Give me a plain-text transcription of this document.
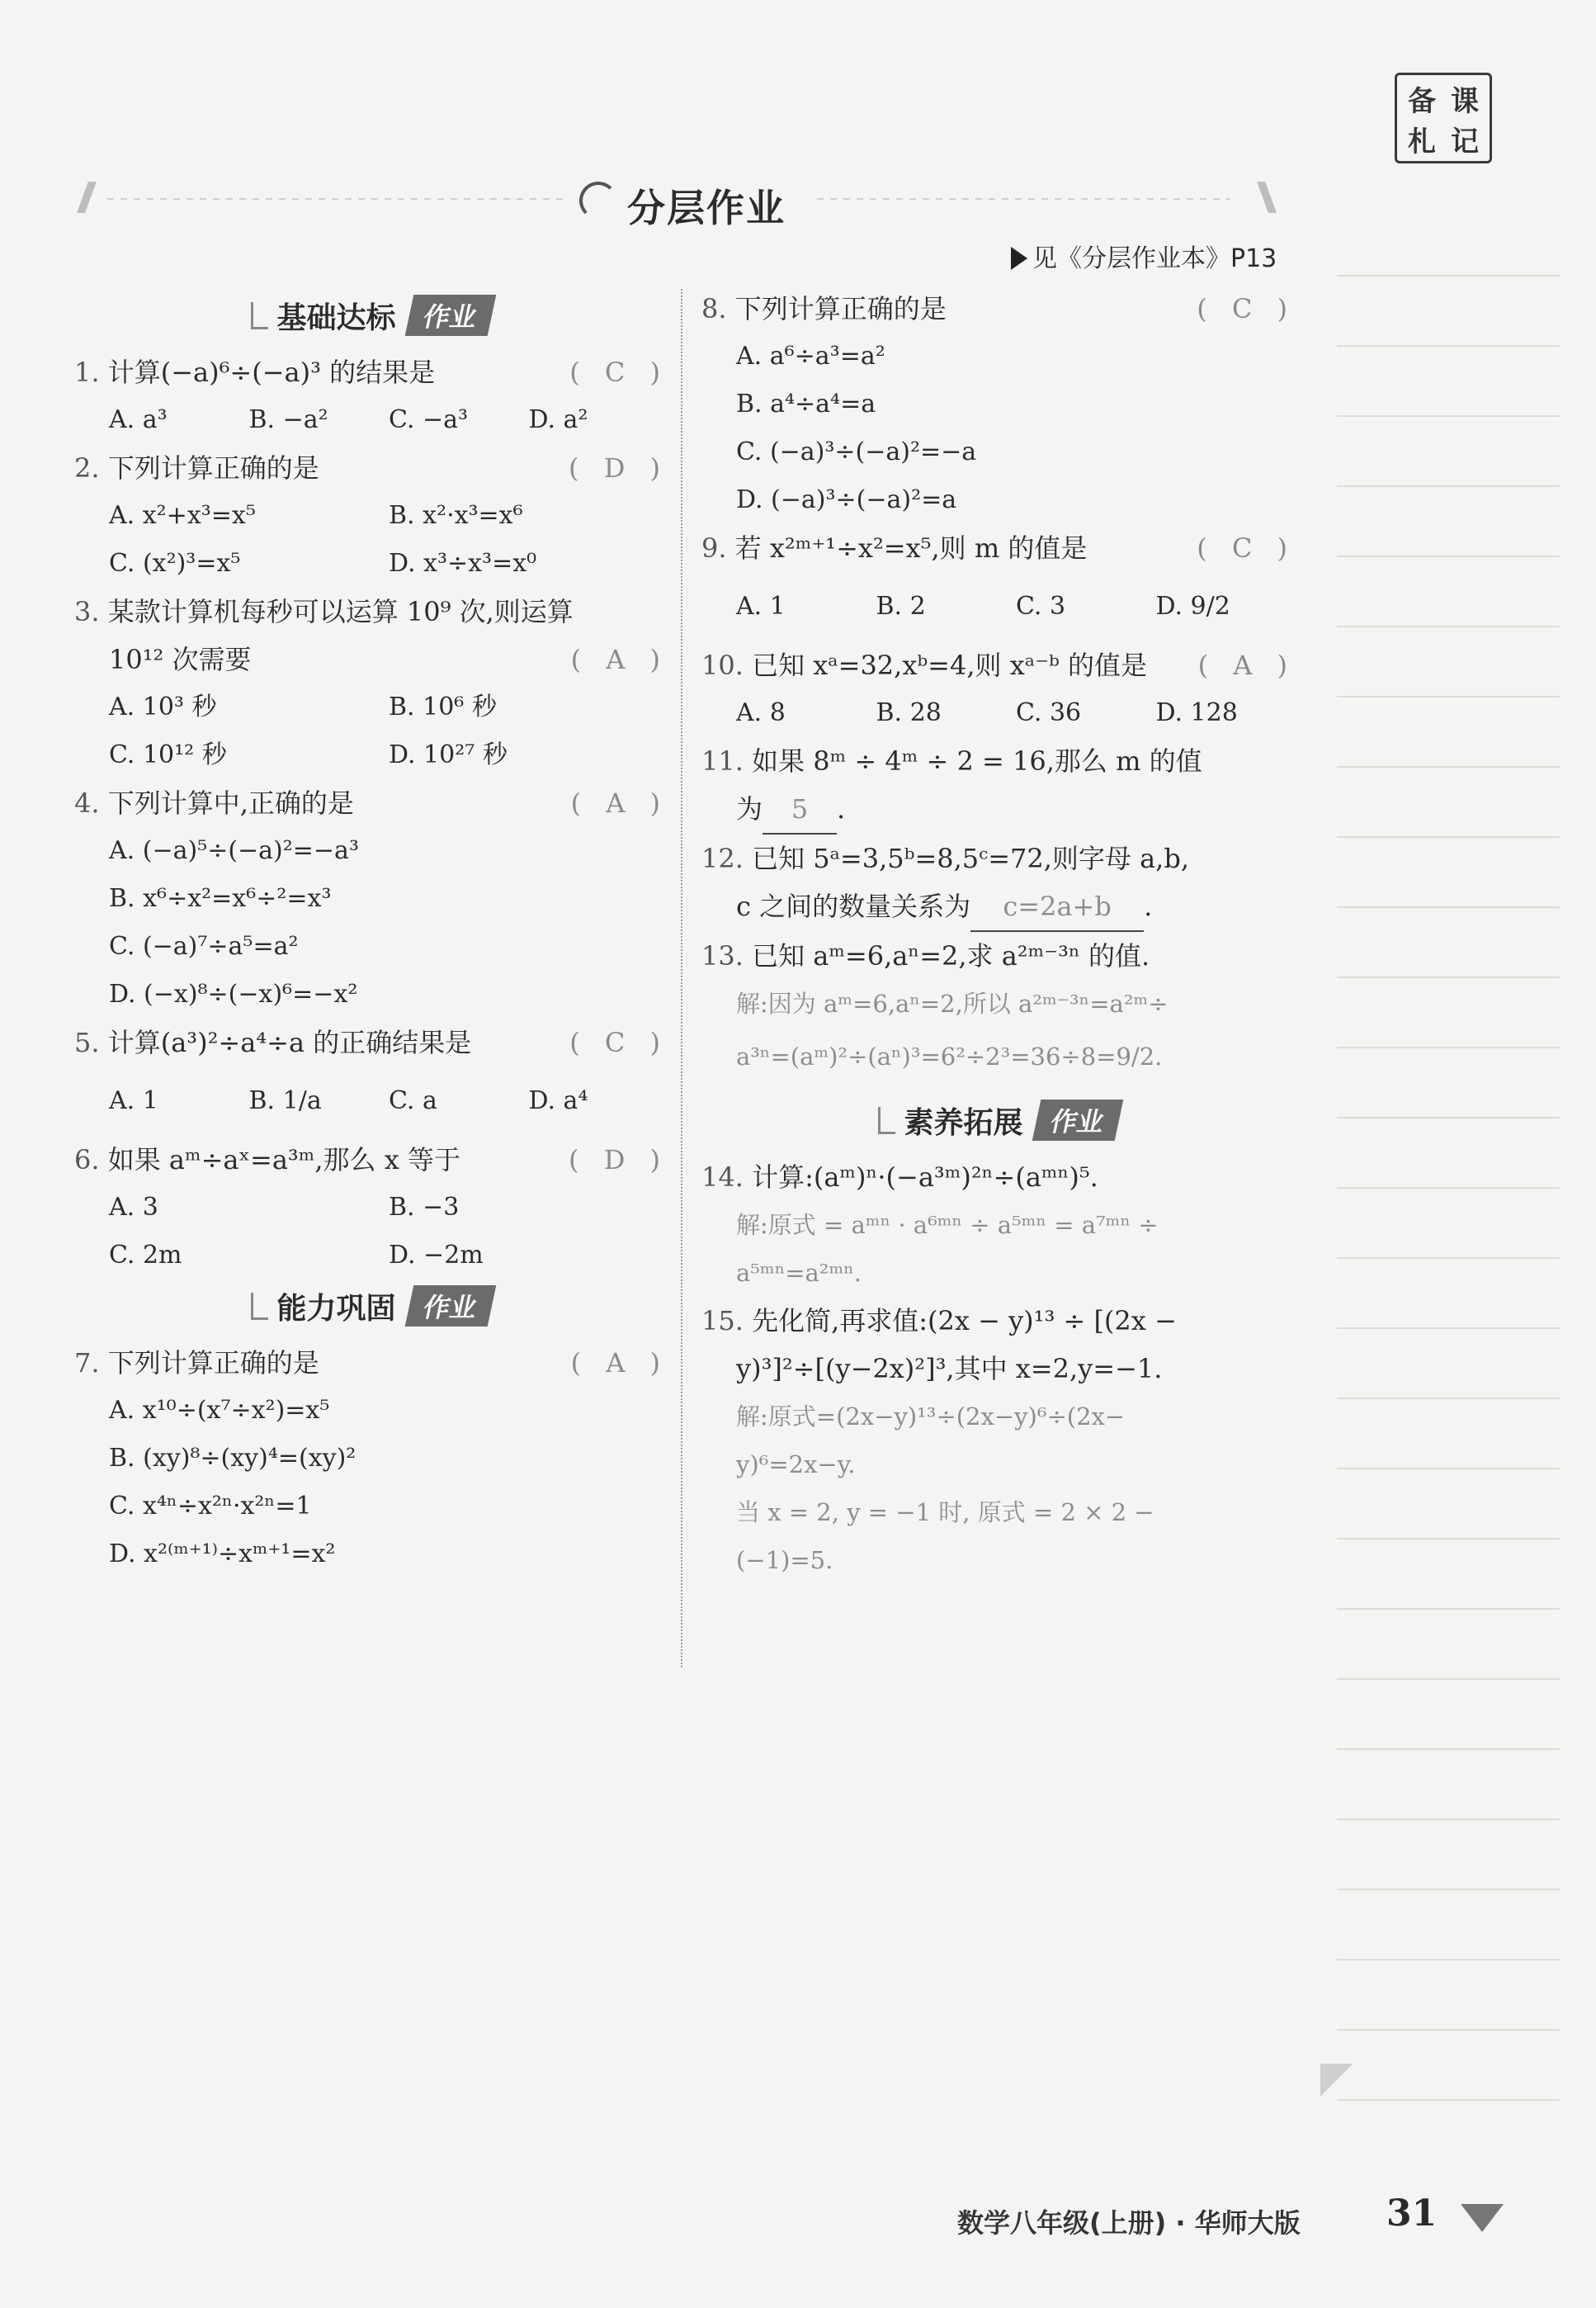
备 课
札 记
分层作业
见《分层作业本》P13
基础达标 作业
1. 计算(−a)⁶÷(−a)³ 的结果是	( C )
A. a³	B. −a²	C. −a³	D. a²
2. 下列计算正确的是	( D )
A. x²+x³=x⁵	B. x²·x³=x⁶
C. (x²)³=x⁵	D. x³÷x³=x⁰
3. 某款计算机每秒可以运算 10⁹ 次,则运算
10¹² 次需要	( A )
A. 10³ 秒	B. 10⁶ 秒
C. 10¹² 秒	D. 10²⁷ 秒
4. 下列计算中,正确的是	( A )
A. (−a)⁵÷(−a)²=−a³
B. x⁶÷x²=x⁶÷²=x³
C. (−a)⁷÷a⁵=a²
D. (−x)⁸÷(−x)⁶=−x²
5. 计算(a³)²÷a⁴÷a 的正确结果是	( C )
A. 1	B. 1/a	C. a	D. a⁴
6. 如果 aᵐ÷aˣ=a³ᵐ,那么 x 等于	( D )
A. 3	B. −3
C. 2m	D. −2m
能力巩固 作业
7. 下列计算正确的是	( A )
A. x¹⁰÷(x⁷÷x²)=x⁵
B. (xy)⁸÷(xy)⁴=(xy)²
C. x⁴ⁿ÷x²ⁿ·x²ⁿ=1
D. x²⁽ᵐ⁺¹⁾÷xᵐ⁺¹=x²
8. 下列计算正确的是	( C )
A. a⁶÷a³=a²
B. a⁴÷a⁴=a
C. (−a)³÷(−a)²=−a
D. (−a)³÷(−a)²=a
9. 若 x²ᵐ⁺¹÷x²=x⁵,则 m 的值是	( C )
A. 1	B. 2	C. 3	D. 9/2
10. 已知 xᵃ=32,xᵇ=4,则 xᵃ⁻ᵇ 的值是 ( A )
A. 8	B. 28	C. 36	D. 128
11. 如果 8ᵐ ÷ 4ᵐ ÷ 2 = 16,那么 m 的值
为 5 .
12. 已知 5ᵃ=3,5ᵇ=8,5ᶜ=72,则字母 a,b,
c 之间的数量关系为 c=2a+b .
13. 已知 aᵐ=6,aⁿ=2,求 a²ᵐ⁻³ⁿ 的值.
解:因为 aᵐ=6,aⁿ=2,所以 a²ᵐ⁻³ⁿ=a²ᵐ÷
a³ⁿ=(aᵐ)²÷(aⁿ)³=6²÷2³=36÷8=9/2.
素养拓展 作业
14. 计算:(aᵐ)ⁿ·(−a³ᵐ)²ⁿ÷(aᵐⁿ)⁵.
解:原式 = aᵐⁿ · a⁶ᵐⁿ ÷ a⁵ᵐⁿ = a⁷ᵐⁿ ÷
a⁵ᵐⁿ=a²ᵐⁿ.
15. 先化简,再求值:(2x − y)¹³ ÷ [(2x −
y)³]²÷[(y−2x)²]³,其中 x=2,y=−1.
解:原式=(2x−y)¹³÷(2x−y)⁶÷(2x−
y)⁶=2x−y.
当 x = 2, y = −1 时, 原式 = 2 × 2 −
(−1)=5.
数学八年级(上册) · 华师大版 31
